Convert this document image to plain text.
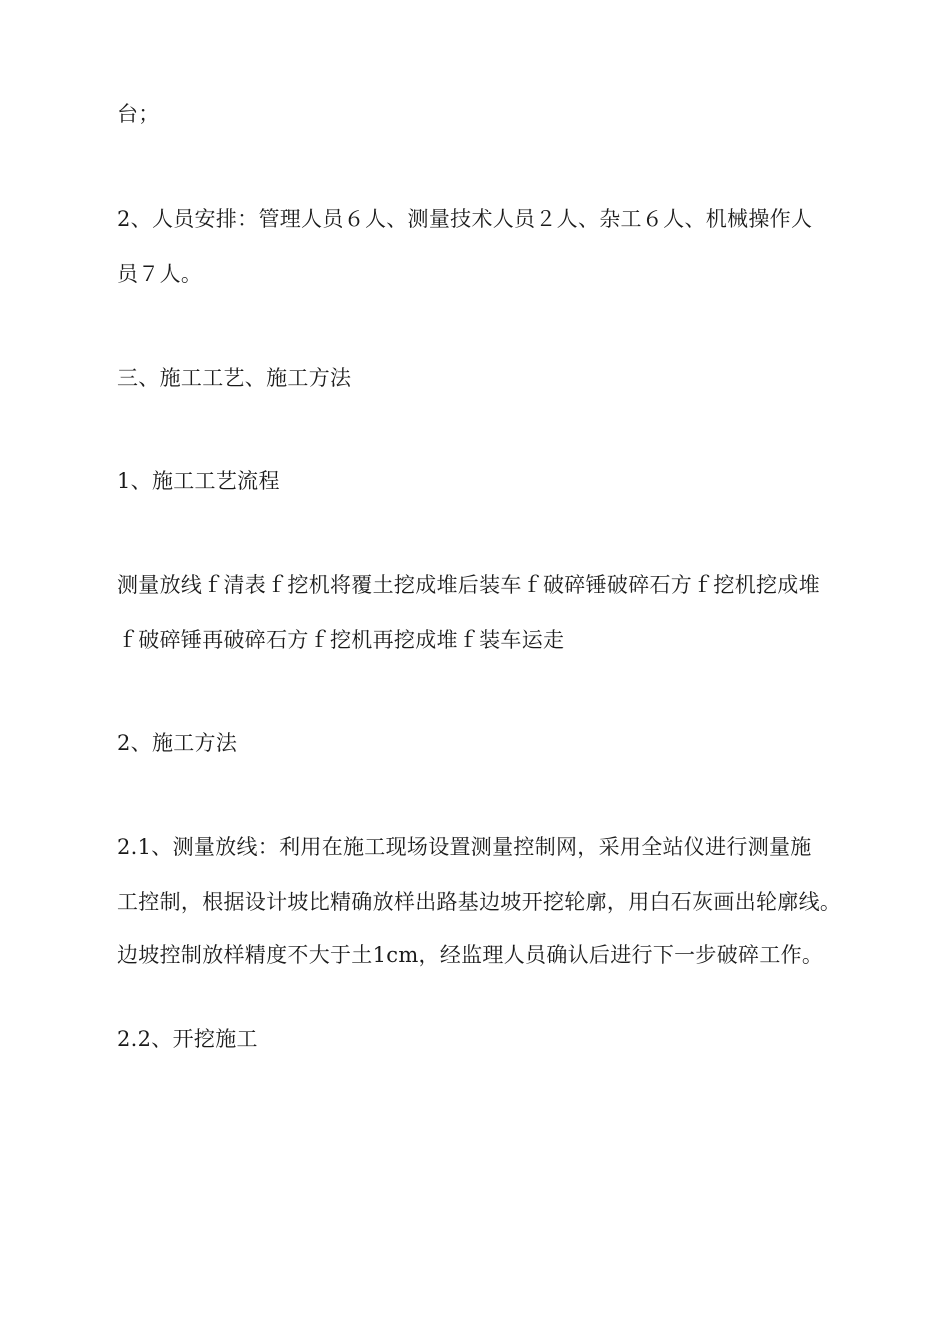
台；
2、人员安排：管理人员６人、测量技术人员２人、杂工６人、机械操作人
员７人。
三、施工工艺、施工方法
1、施工工艺流程
测量放线ｆ清表ｆ挖机将覆土挖成堆后装车ｆ破碎锤破碎石方ｆ挖机挖成堆
ｆ破碎锤再破碎石方ｆ挖机再挖成堆ｆ装车运走
2、施工方法
2.1、测量放线：利用在施工现场设置测量控制网，采用全站仪进行测量施
工控制，根据设计坡比精确放样出路基边坡开挖轮廓，用白石灰画出轮廓线。
边坡控制放样精度不大于土1cm，经监理人员确认后进行下一步破碎工作。
2.2、开挖施工
